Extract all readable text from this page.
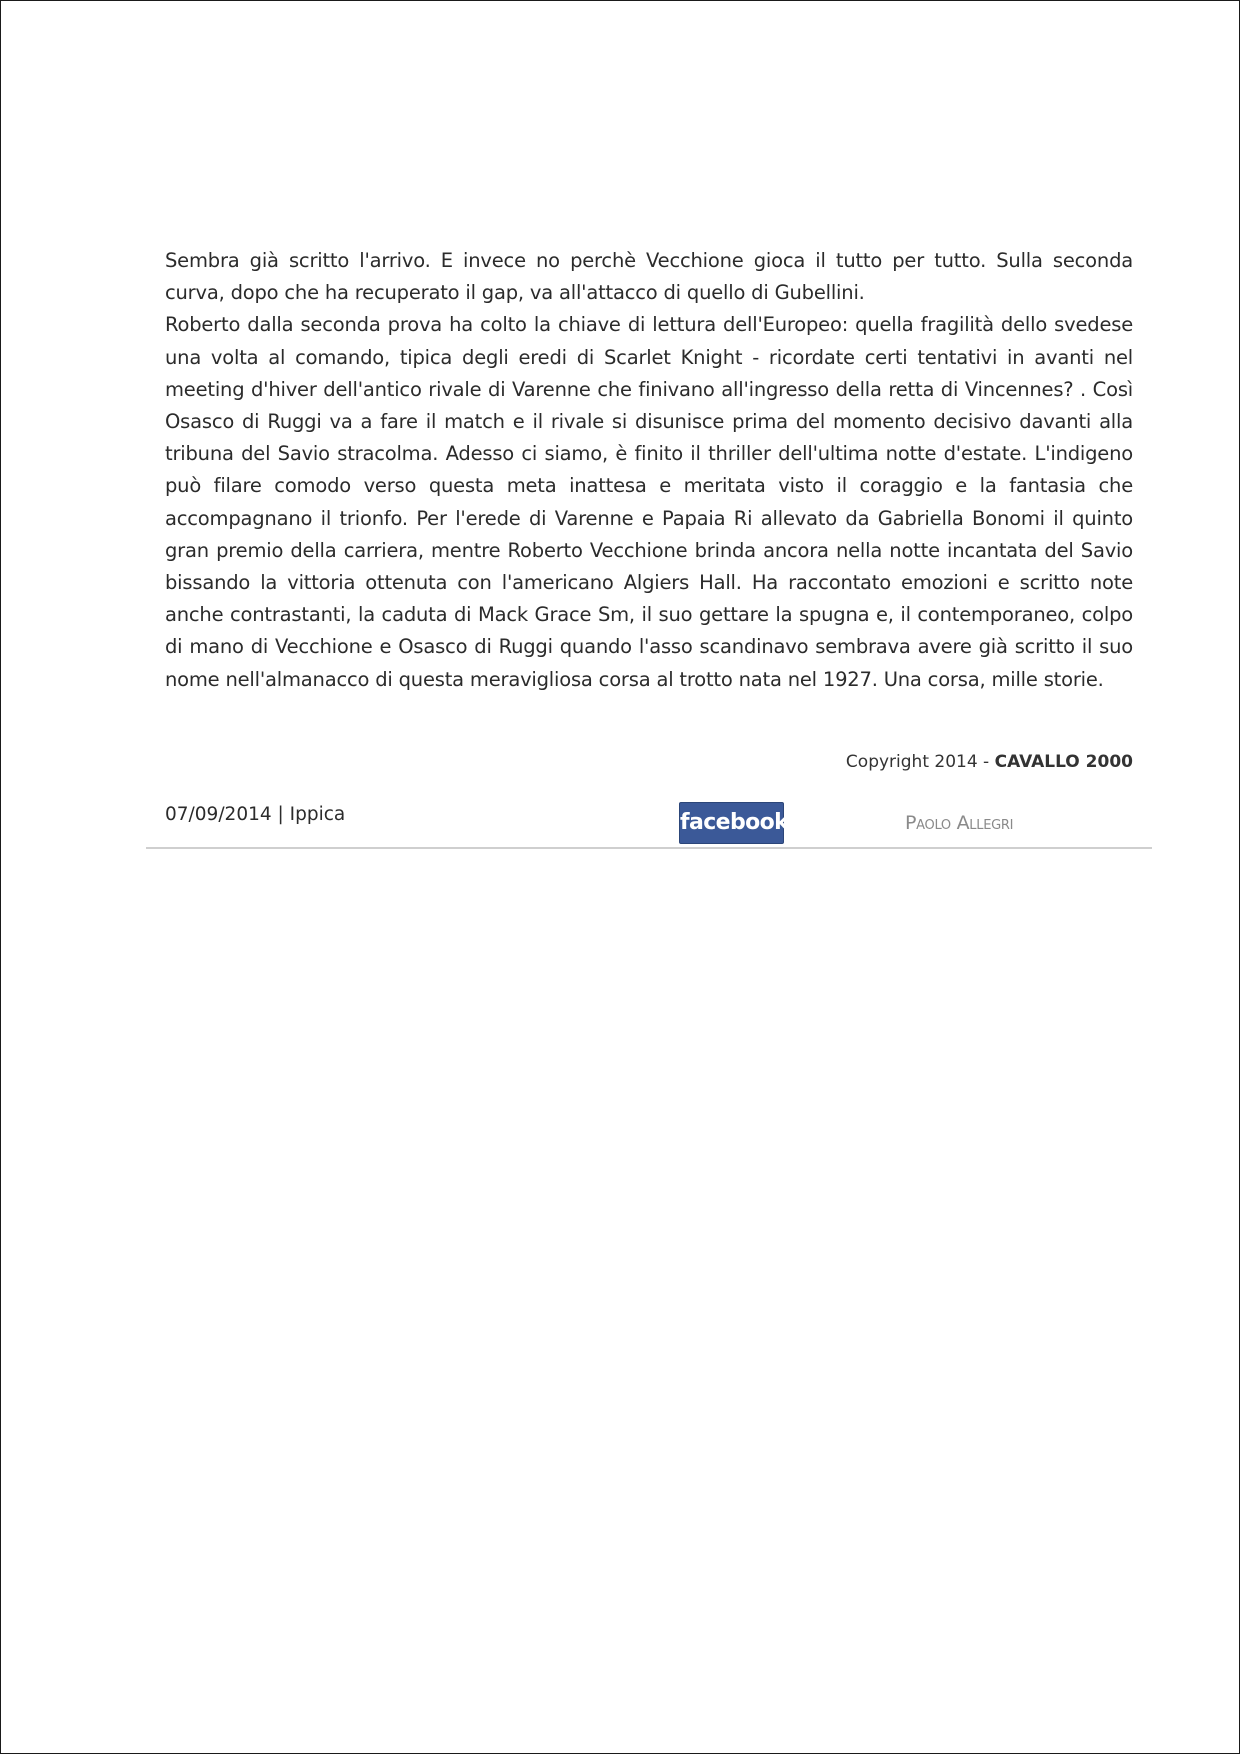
Sembra già scritto l'arrivo. E invece no perchè Vecchione gioca il tutto per tutto. Sulla seconda curva, dopo che ha recuperato il gap, va all'attacco di quello di Gubellini.

Roberto dalla seconda prova ha colto la chiave di lettura dell'Europeo: quella fragilità dello svedese una volta al comando, tipica degli eredi di Scarlet Knight - ricordate certi tentativi in avanti nel meeting d'hiver dell'antico rivale di Varenne che finivano all'ingresso della retta di Vincennes? . Così Osasco di Ruggi va a fare il match e il rivale si disunisce prima del momento decisivo davanti alla tribuna del Savio stracolma. Adesso ci siamo, è finito il thriller dell'ultima notte d'estate. L'indigeno può filare comodo verso questa meta inattesa e meritata visto il coraggio e la fantasia che accompagnano il trionfo. Per l'erede di Varenne e Papaia Ri allevato da Gabriella Bonomi il quinto gran premio della carriera, mentre Roberto Vecchione brinda ancora nella notte incantata del Savio bissando la vittoria ottenuta con l'americano Algiers Hall. Ha raccontato emozioni e scritto note anche contrastanti, la caduta di Mack Grace Sm, il suo gettare la spugna e, il contemporaneo, colpo di mano di Vecchione e Osasco di Ruggi quando l'asso scandinavo sembrava avere già scritto il suo nome nell'almanacco di questa meravigliosa corsa al trotto nata nel 1927. Una corsa, mille storie.

Copyright 2014 - CAVALLO 2000
07/09/2014 | Ippica	facebook	Paolo Allegri
